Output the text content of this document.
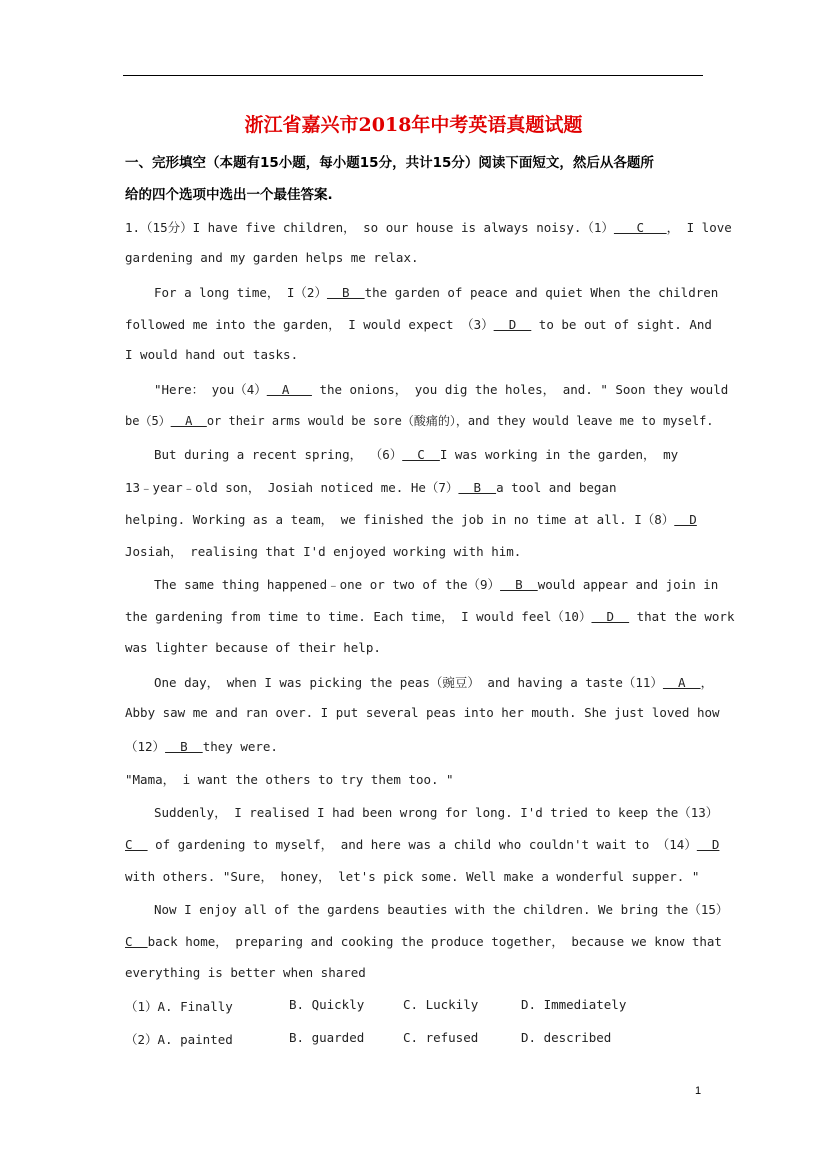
浙江省嘉兴市2018年中考英语真题试题
一、完形填空（本题有15小题，每小题15分，共计15分）阅读下面短文，然后从各题所
给的四个选项中选出一个最佳答案.
1.（15分）I have five children， so our house is always noisy.（1）   C   ， I love
gardening and my garden helps me relax.
For a long time， I（2）  B  the garden of peace and quiet When the children
followed me into the garden， I would expect （3）  D   to be out of sight. And
I would hand out tasks.
"Here： you（4）  A    the onions， you dig the holes， and. " Soon they would
be（5）  A  or their arms would be sore（酸痛的），and they would leave me to myself.
But during a recent spring， （6）  C  I was working in the garden， my
13﹣year﹣old son， Josiah noticed me. He（7）  B  a tool and began
helping. Working as a team， we finished the job in no time at all. I（8）  D
Josiah， realising that I'd enjoyed working with him.
The same thing happened﹣one or two of the（9）  B  would appear and join in
the gardening from time to time. Each time， I would feel（10）  D   that the work
was lighter because of their help.
One day， when I was picking the peas（豌豆） and having a taste（11）  A  ，
Abby saw me and ran over. I put several peas into her mouth. She just loved how
（12）  B  they were.
"Mama， i want the others to try them too. "
Suddenly， I realised I had been wrong for long. I'd tried to keep the（13）
C   of gardening to myself， and here was a child who couldn't wait to （14）  D
with others. "Sure， honey， let's pick some. Well make a wonderful supper. "
Now I enjoy all of the gardens beauties with the children. We bring the（15）
C  back home， preparing and cooking the produce together， because we know that
everything is better when shared
（1）A. Finally	B. Quickly	C. Luckily	D. Immediately
（2）A. painted	B. guarded	C. refused	D. described
1
